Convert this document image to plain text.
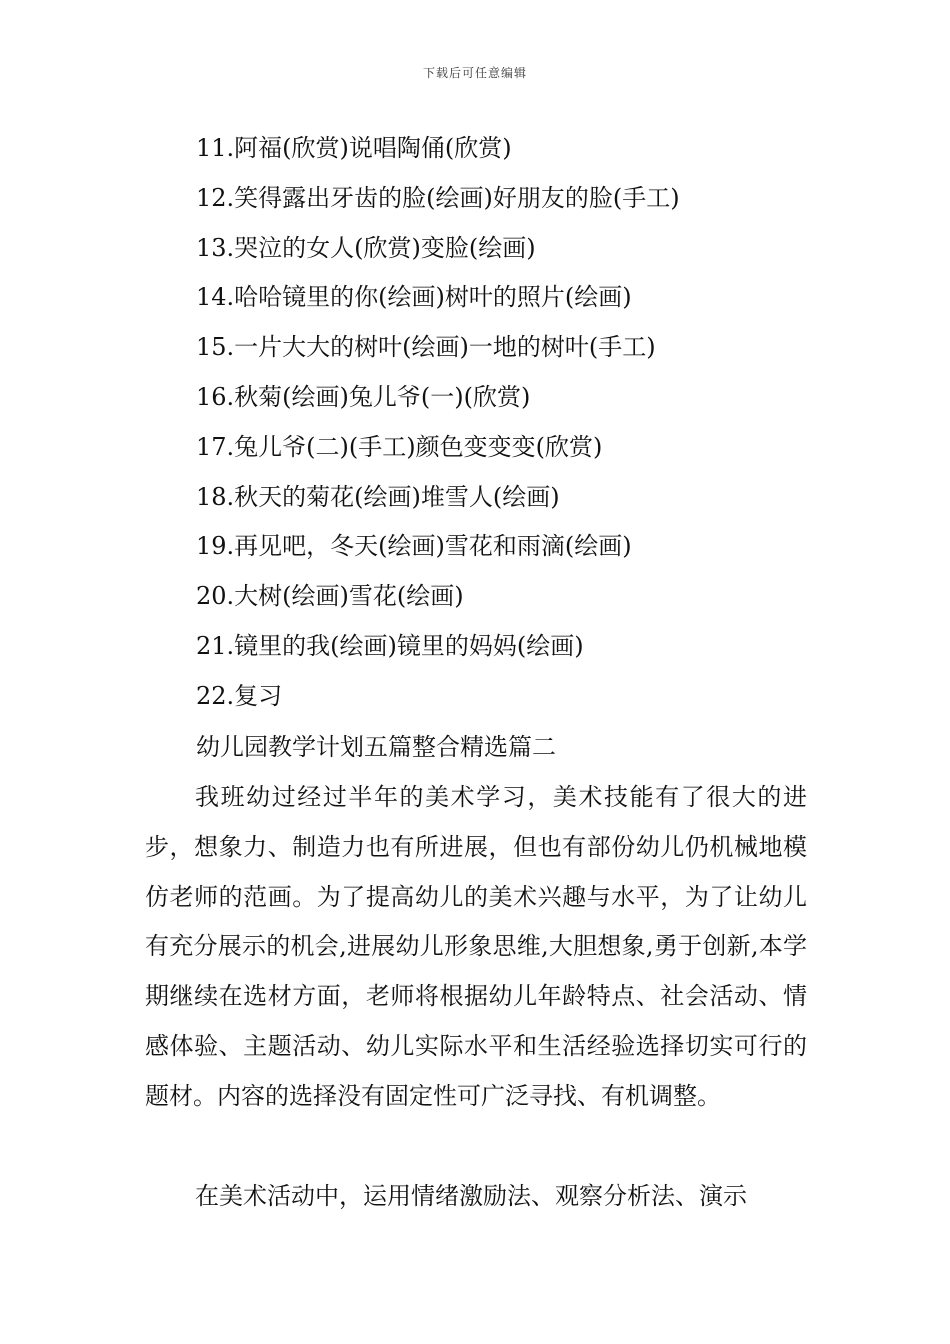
下载后可任意编辑
11.阿福(欣赏)说唱陶俑(欣赏)
12.笑得露出牙齿的脸(绘画)好朋友的脸(手工)
13.哭泣的女人(欣赏)变脸(绘画)
14.哈哈镜里的你(绘画)树叶的照片(绘画)
15.一片大大的树叶(绘画)一地的树叶(手工)
16.秋菊(绘画)兔儿爷(一)(欣赏)
17.兔儿爷(二)(手工)颜色变变变(欣赏)
18.秋天的菊花(绘画)堆雪人(绘画)
19.再见吧，冬天(绘画)雪花和雨滴(绘画)
20.大树(绘画)雪花(绘画)
21.镜里的我(绘画)镜里的妈妈(绘画)
22.复习
幼儿园教学计划五篇整合精选篇二

我班幼过经过半年的美术学习，美术技能有了很大的进步，想象力、制造力也有所进展，但也有部份幼儿仍机械地模仿老师的范画。为了提高幼儿的美术兴趣与水平，为了让幼儿有充分展示的机会,进展幼儿形象思维,大胆想象,勇于创新,本学期继续在选材方面，老师将根据幼儿年龄特点、社会活动、情感体验、主题活动、幼儿实际水平和生活经验选择切实可行的题材。内容的选择没有固定性可广泛寻找、有机调整。

在美术活动中，运用情绪激励法、观察分析法、演示
